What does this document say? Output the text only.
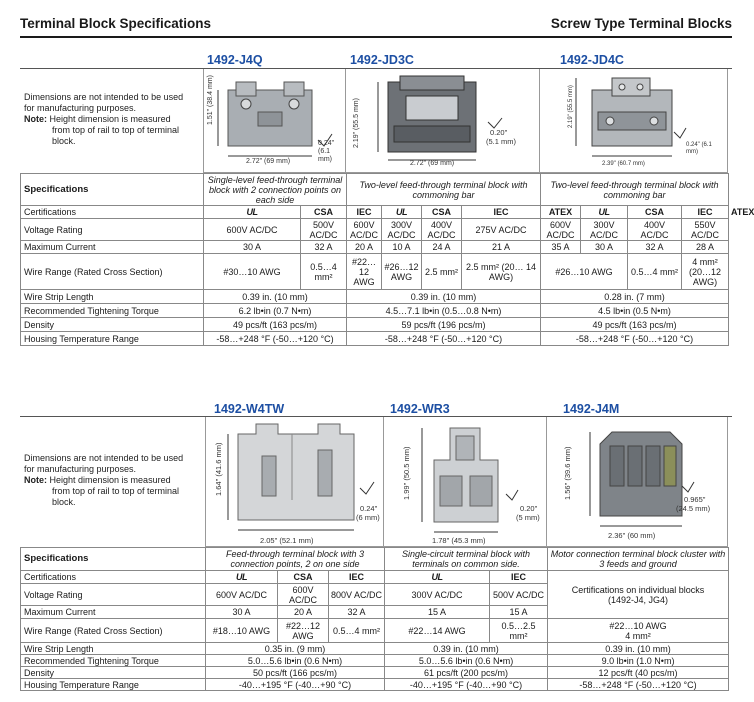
Terminal Block Specifications	Screw Type Terminal Blocks
1492-J4Q	1492-JD3C	1492-JD4C
Dimensions are not intended to be used
for manufacturing purposes.
Note: Height dimension is measured

from top of rail to top of terminal
block.
1.51" (38.4 mm)
2.72" (69 mm)
0.24" (6.1 mm)
2.19" (55.5 mm)
2.72" (69 mm)
0.20"
(5.1 mm)
2.19" (55.5 mm)
2.39" (60.7 mm)
0.24" (6.1 mm)
Specifications	Single-level feed-through terminal block with 2 connection points on each side		Two-level feed-through terminal block with commoning bar				Two-level feed-through terminal block with commoning bar				
Certifications	UL	CSA	IEC	UL	CSA	IEC	ATEX	UL	CSA	IEC	ATEX
Voltage Rating	600V AC/DC	500V AC/DC	600V AC/DC	300V AC/DC	400V AC/DC	275V AC/DC	600V AC/DC	300V AC/DC	400V AC/DC	550V AC/DC	
Maximum Current	30 A	32 A	20 A	10 A	24 A	21 A	35 A	30 A	32 A	28 A	
Wire Range (Rated Cross Section)	#30…10 AWG	0.5…4 mm²	#22…12 AWG	#26…12 AWG	2.5 mm²	2.5 mm² (20… 14 AWG)	#26…10 AWG		0.5…4 mm²	4 mm² (20…12 AWG)	
Wire Strip Length	0.39 in. (10 mm)		0.39 in. (10 mm)				0.28 in. (7 mm)				
Recommended Tightening Torque	6.2 lb•in (0.7 N•m)		4.5…7.1 lb•in (0.5…0.8 N•m)				4.5 lb•in (0.5 N•m)				
Density	49 pcs/ft (163 pcs/m)		59 pcs/ft (196 pcs/m)				49 pcs/ft (163 pcs/m)				
Housing Temperature Range	-58…+248 °F (-50…+120 °C)		-58…+248 °F (-50…+120 °C)				-58…+248 °F (-50…+120 °C)				
1492-W4TW	1492-WR3	1492-J4M
Dimensions are not intended to be used
for manufacturing purposes.
Note: Height dimension is measured

from top of rail to top of terminal
block.
1.64" (41.6 mm)
2.05" (52.1 mm)
0.24"
(6 mm)
1.99" (50.5 mm)
1.78" (45.3 mm)
0.20"
(5 mm)
1.56" (39.6 mm)
2.36" (60 mm)
0.965"
(24.5 mm)
Specifications	Feed-through terminal block with 3 connection points, 2 on one side			Single-circuit terminal block with terminals on common side.		Motor connection terminal block cluster with 3 feeds and ground
Certifications	UL	CSA	IEC	UL	IEC	Certifications on individual blocks (1492-J4, JG4)
Voltage Rating	600V AC/DC	600V AC/DC	800V AC/DC	300V AC/DC	500V AC/DC	
Maximum Current	30 A	20 A	32 A	15 A	15 A	
Wire Range (Rated Cross Section)	#18…10 AWG	#22…12 AWG	0.5…4 mm²	#22…14 AWG	0.5…2.5 mm²	#22…10 AWG
4 mm²
Wire Strip Length	0.35 in. (9 mm)			0.39 in. (10 mm)		0.39 in. (10 mm)
Recommended Tightening Torque	5.0…5.6 lb•in (0.6 N•m)			5.0…5.6 lb•in (0.6 N•m)		9.0 lb•in (1.0 N•m)
Density	50 pcs/ft (166 pcs/m)			61 pcs/ft (200 pcs/m)		12 pcs/ft (40 pcs/m)
Housing Temperature Range	-40…+195 °F (-40…+90 °C)			-40…+195 °F (-40…+90 °C)		-58…+248 °F (-50…+120 °C)
